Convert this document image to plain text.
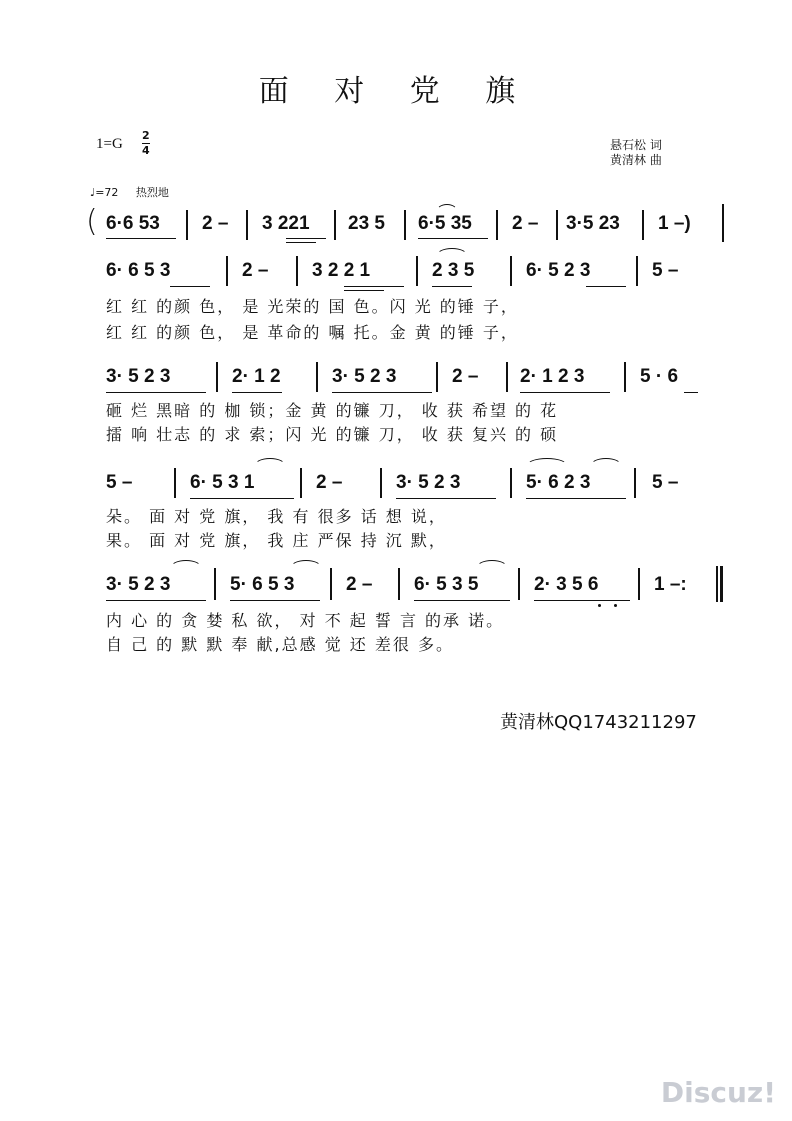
面 对 党 旗
1=G
2
4	悬石松 词
黄清林 曲
♩=72 热烈地
( 6·6 53 2 – 3 221 23 5 6·5 35 2 – 3·5 23 1 –)
6· 6 5 3	2 – 3 2 2 1	2 3 5	6· 5 2 3	5 –
红 红 的颜 色， 是 光荣的 国 色。闪 光 的锤 子，
红 红 的颜 色， 是 革命的 嘱 托。金 黄 的锤 子，
3· 5 2 3	2· 1 2	3· 5 2 3	2 – 2· 1 2 3	5 · 6
砸 烂 黑暗 的 枷 锁；金 黄 的镰 刀， 收 获 希望 的 花
擂 响 壮志 的 求 索；闪 光 的镰 刀， 收 获 复兴 的 硕
5 –	6· 5 3 1	2 –	3· 5 2 3	5· 6 2 3	5 –
朵。 面 对 党 旗， 我 有 很多 话 想 说，
果。 面 对 党 旗， 我 庄 严保 持 沉 默，
3· 5 2 3	5· 6 5 3	2 – 6· 5 3 5	2· 3 5 6	1 –:
内 心 的 贪 婪 私 欲， 对 不 起 誓 言 的承 诺。
自 己 的 默 默 奉 献,总感 觉 还 差很 多。
黄清林QQ1743211297
Discuz!
